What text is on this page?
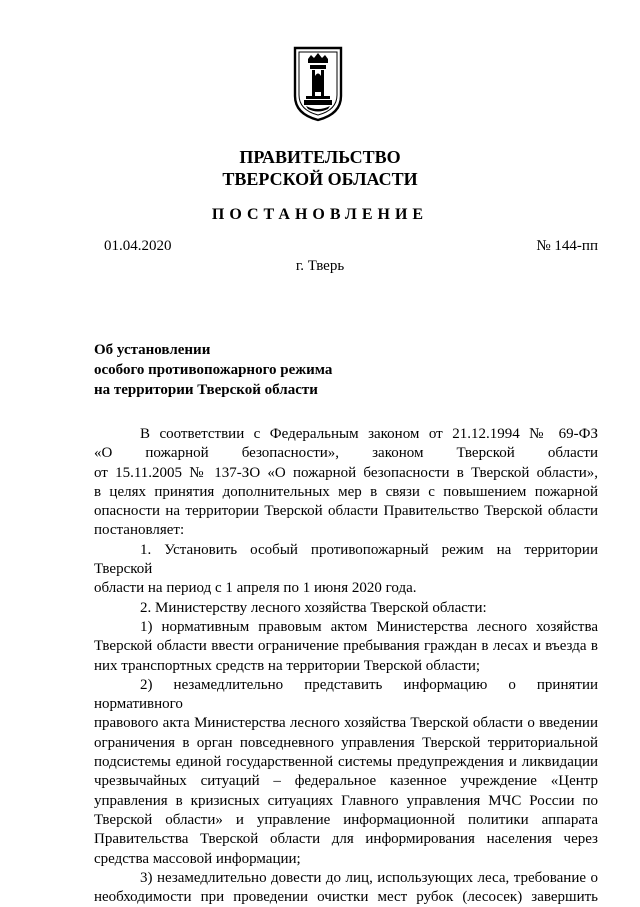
ПРАВИТЕЛЬСТВО
ТВЕРСКОЙ ОБЛАСТИ
ПОСТАНОВЛЕНИЕ
01.04.2020	№ 144-пп
г. Тверь
Об установлении
особого противопожарного режима
на территории Тверской области

В соответствии с Федеральным законом от 21.12.1994 № 69-ФЗ

«О пожарной безопасности», законом Тверской области

от 15.11.2005 № 137-ЗО «О пожарной безопасности в Тверской области»,

в целях принятия дополнительных мер в связи с повышением пожарной

опасности на территории Тверской области Правительство Тверской области

постановляет:

1. Установить особый противопожарный режим на территории Тверской

области на период с 1 апреля по 1 июня 2020 года.

2. Министерству лесного хозяйства Тверской области:

1) нормативным правовым актом Министерства лесного хозяйства

Тверской области ввести ограничение пребывания граждан в лесах и въезда в

них транспортных средств на территории Тверской области;

2) незамедлительно представить информацию о принятии нормативного

правового акта Министерства лесного хозяйства Тверской области о введении

ограничения в орган повседневного управления Тверской территориальной

подсистемы единой государственной системы предупреждения и ликвидации

чрезвычайных ситуаций – федеральное казенное учреждение «Центр

управления в кризисных ситуациях Главного управления МЧС России по

Тверской области» и управление информационной политики аппарата

Правительства Тверской области для информирования населения через

средства массовой информации;

3) незамедлительно довести до лиц, использующих леса, требование о

необходимости при проведении очистки мест рубок (лесосек) завершить
